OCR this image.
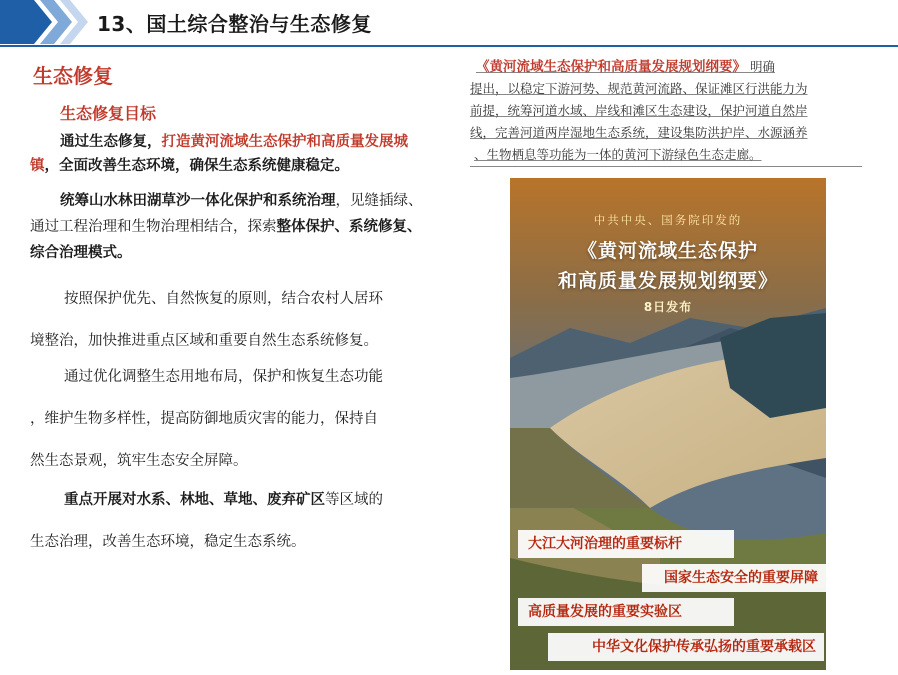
13、国土综合整治与生态修复
生态修复
生态修复目标
通过生态修复，打造黄河流域生态保护和高质量发展城镇，全面改善生态环境，确保生态系统健康稳定。
统筹山水林田湖草沙一体化保护和系统治理，见缝插绿、通过工程治理和生物治理相结合，探索整体保护、系统修复、综合治理模式。
按照保护优先、自然恢复的原则，结合农村人居环
境整治，加快推进重点区域和重要自然生态系统修复。
通过优化调整生态用地布局，保护和恢复生态功能
，维护生物多样性，提高防御地质灾害的能力，保持自
然生态景观，筑牢生态安全屏障。
重点开展对水系、林地、草地、废弃矿区等区域的
生态治理，改善生态环境，稳定生态系统。
《黄河流域生态保护和高质量发展规划纲要》 明确
提出，以稳定下游河势、规范黄河流路、保证滩区行洪能力为
前提，统筹河道水域、岸线和滩区生态建设，保护河道自然岸
线，完善河道两岸湿地生态系统，建设集防洪护岸、水源涵养
、生物栖息等功能为一体的黄河下游绿色生态走廊。
中共中央、国务院印发的
《黄河流域生态保护
和高质量发展规划纲要》
8日发布
大江大河治理的重要标杆
国家生态安全的重要屏障
高质量发展的重要实验区
中华文化保护传承弘扬的重要承载区
